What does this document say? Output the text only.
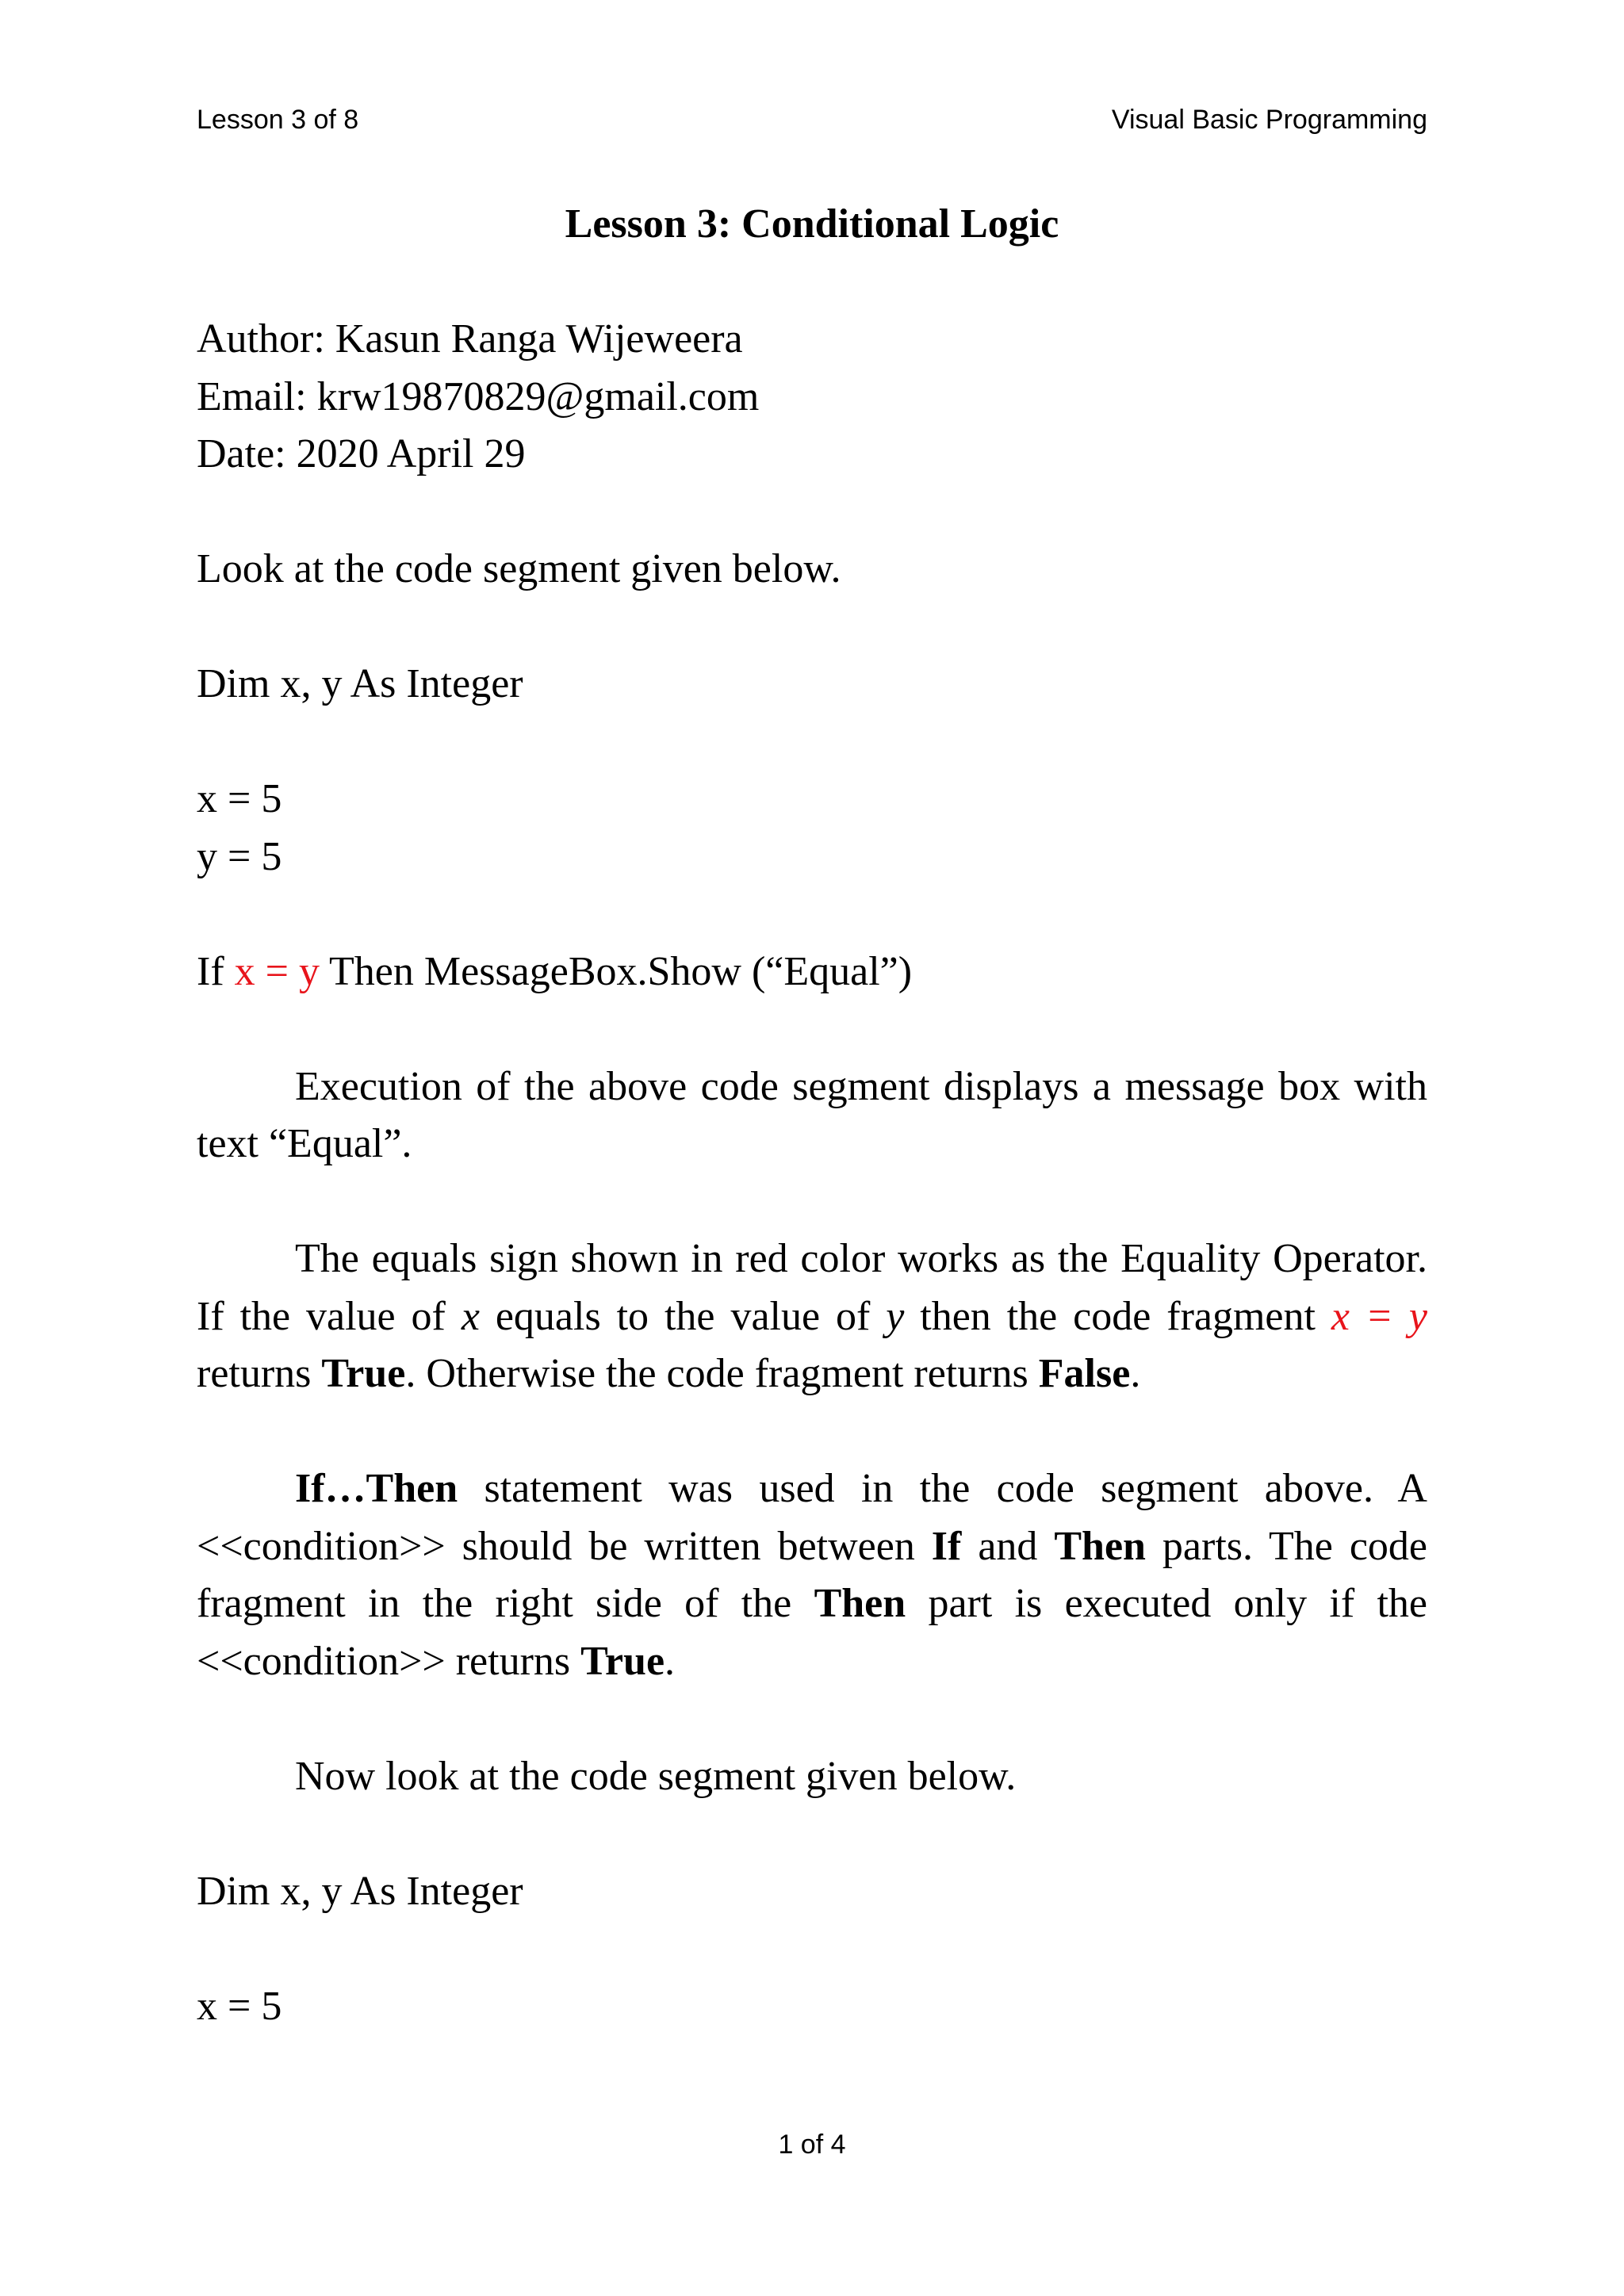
Lesson 3 of 8	Visual Basic Programming

Lesson 3: Conditional Logic

Author: Kasun Ranga Wijeweera

Email: krw19870829@gmail.com

Date: 2020 April 29

Look at the code segment given below.

Dim x, y As Integer

x = 5

y = 5

If x = y Then MessageBox.Show (“Equal”)

Execution of the above code segment displays a message box with text “Equal”.

The equals sign shown in red color works as the Equality Operator. If the value of x equals to the value of y then the code fragment x = y returns True. Otherwise the code fragment returns False.

If…Then statement was used in the code segment above. A <<condition>> should be written between If and Then parts. The code fragment in the right side of the Then part is executed only if the <<condition>> returns True.

Now look at the code segment given below.

Dim x, y As Integer

x = 5

1 of 4
